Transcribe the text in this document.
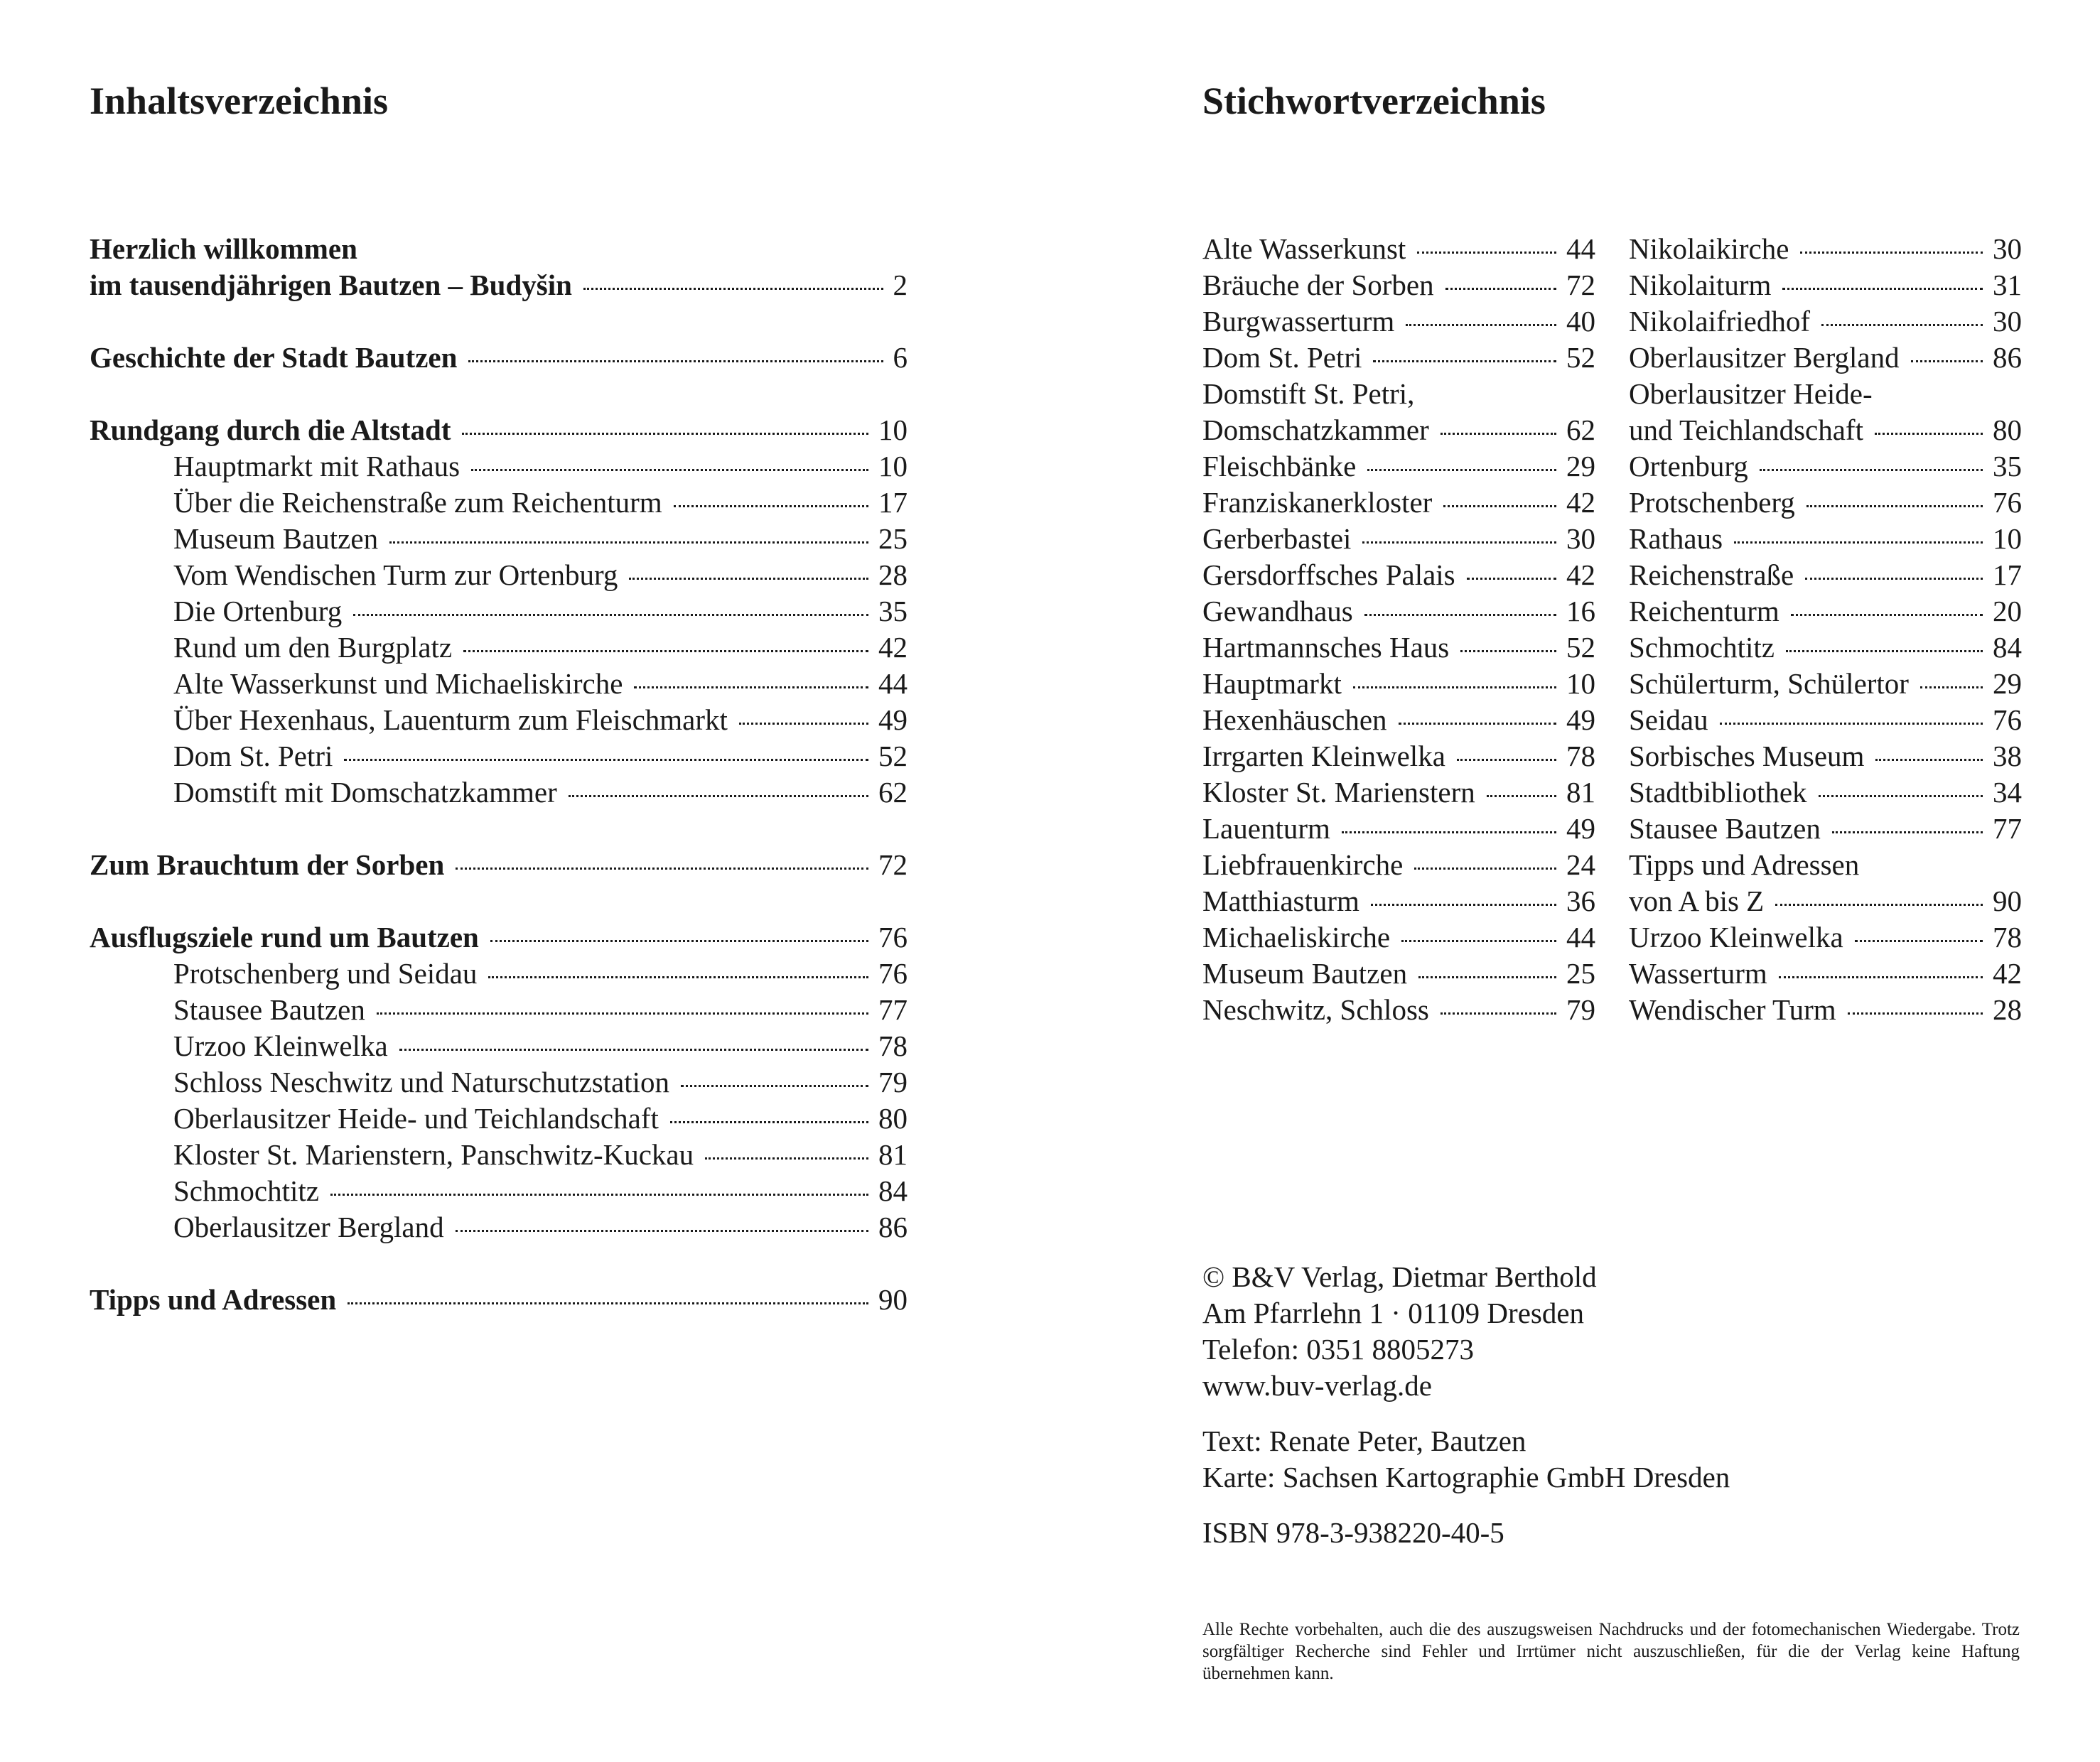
Inhaltsverzeichnis
Herzlich willkommen
im tausendjährigen Bautzen – Budyšin	2
Geschichte der Stadt Bautzen	6
Rundgang durch die Altstadt	10
Hauptmarkt mit Rathaus	10
Über die Reichenstraße zum Reichenturm	17
Museum Bautzen	25
Vom Wendischen Turm zur Ortenburg	28
Die Ortenburg	35
Rund um den Burgplatz	42
Alte Wasserkunst und Michaeliskirche	44
Über Hexenhaus, Lauenturm zum Fleischmarkt	49
Dom St. Petri	52
Domstift mit Domschatzkammer	62
Zum Brauchtum der Sorben	72
Ausflugsziele rund um Bautzen	76
Protschenberg und Seidau	76
Stausee Bautzen	77
Urzoo Kleinwelka	78
Schloss Neschwitz und Naturschutzstation	79
Oberlausitzer Heide- und Teichlandschaft	80
Kloster St. Marienstern, Panschwitz-Kuckau	81
Schmochtitz	84
Oberlausitzer Bergland	86
Tipps und Adressen	90
Stichwortverzeichnis
Alte Wasserkunst	44
Bräuche der Sorben	72
Burgwasserturm	40
Dom St. Petri	52
Domstift St. Petri,
Domschatzkammer	62
Fleischbänke	29
Franziskanerkloster	42
Gerberbastei	30
Gersdorffsches Palais	42
Gewandhaus	16
Hartmannsches Haus	52
Hauptmarkt	10
Hexenhäuschen	49
Irrgarten Kleinwelka	78
Kloster St. Marienstern	81
Lauenturm	49
Liebfrauenkirche	24
Matthiasturm	36
Michaeliskirche	44
Museum Bautzen	25
Neschwitz, Schloss	79
Nikolaikirche	30
Nikolaiturm	31
Nikolaifriedhof	30
Oberlausitzer Bergland	86
Oberlausitzer Heide-
und Teichlandschaft	80
Ortenburg	35
Protschenberg	76
Rathaus	10
Reichenstraße	17
Reichenturm	20
Schmochtitz	84
Schülerturm, Schülertor	29
Seidau	76
Sorbisches Museum	38
Stadtbibliothek	34
Stausee Bautzen	77
Tipps und Adressen
von A bis Z	90
Urzoo Kleinwelka	78
Wasserturm	42
Wendischer Turm	28
© B&V Verlag, Dietmar Berthold
Am Pfarrlehn 1 · 01109 Dresden
Telefon: 0351 8805273
www.buv-verlag.de
Text: Renate Peter, Bautzen
Karte: Sachsen Kartographie GmbH Dresden
ISBN 978-3-938220-40-5
Alle Rechte vorbehalten, auch die des auszugsweisen Nachdrucks und der fotomechanischen Wiedergabe. Trotz sorgfältiger Recherche sind Fehler und Irrtümer nicht auszuschließen, für die der Verlag keine Haftung übernehmen kann.
